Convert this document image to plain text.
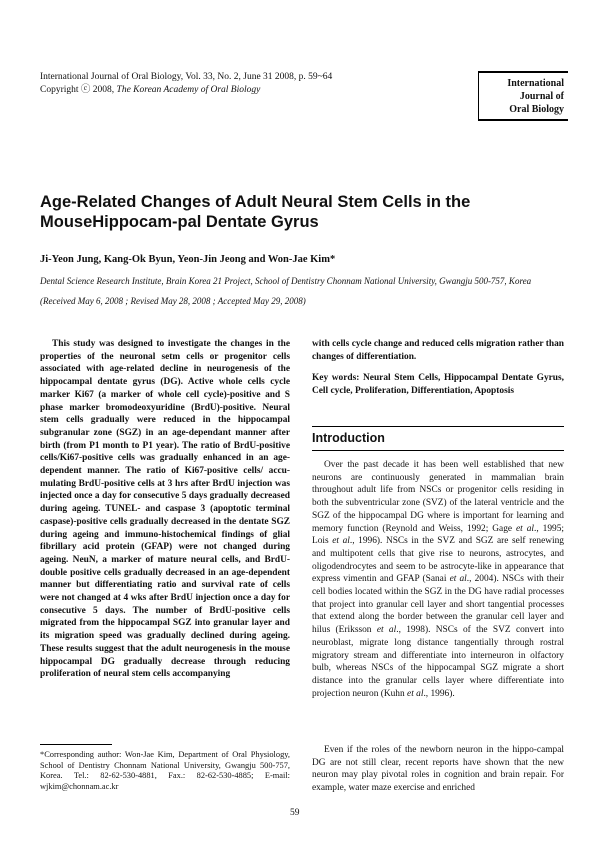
International Journal of Oral Biology, Vol. 33, No. 2, June 31 2008, p. 59~64
Copyright ⓒ 2008, The Korean Academy of Oral Biology
International
Journal of
Oral Biology
Age-Related Changes of Adult Neural Stem Cells in the MouseHippocam-pal Dentate Gyrus
Ji-Yeon Jung, Kang-Ok Byun, Yeon-Jin Jeong and Won-Jae Kim*
Dental Science Research Institute, Brain Korea 21 Project, School of Dentistry Chonnam National University, Gwangju 500-757, Korea
(Received May 6, 2008 ; Revised May 28, 2008 ; Accepted May 29, 2008)
This study was designed to investigate the changes in the properties of the neuronal setm cells or progenitor cells associated with age-related decline in neurogenesis of the hippocampal dentate gyrus (DG). Active whole cells cycle marker Ki67 (a marker of whole cell cycle)-positive and S phase marker bromodeoxyuridine (BrdU)-positive. Neural stem cells gradually were reduced in the hippocampal subgranular zone (SGZ) in an age-dependant manner after birth (from P1 month to P1 year). The ratio of BrdU-positive cells/Ki67-positive cells was gradually enhanced in an age-dependent manner. The ratio of Ki67-positive cells/ accu-mulating BrdU-positive cells at 3 hrs after BrdU injection was injected once a day for consecutive 5 days gradually decreased during ageing. TUNEL- and caspase 3 (apoptotic terminal caspase)-positive cells gradually decreased in the dentate SGZ during ageing and immuno-histochemical findings of glial fibrillary acid protein (GFAP) were not changed during ageing. NeuN, a marker of mature neural cells, and BrdU-double positive cells gradually decreased in an age-dependent manner but differentiating ratio and survival rate of cells were not changed at 4 wks after BrdU injection once a day for consecutive 5 days. The number of BrdU-positive cells migrated from the hippocampal SGZ into granular layer and its migration speed was gradually declined during ageing. These results suggest that the adult neurogenesis in the mouse hippocampal DG gradually decrease through reducing proliferation of neural stem cells accompanying
with cells cycle change and reduced cells migration rather than changes of differentiation.
Key words: Neural Stem Cells, Hippocampal Dentate Gyrus, Cell cycle, Proliferation, Differentiation, Apoptosis
Introduction
Over the past decade it has been well established that new neurons are continuously generated in mammalian brain throughout adult life from NSCs or progenitor cells residing in both the subventricular zone (SVZ) of the lateral ventricle and the SGZ of the hippocampal DG where is important for learning and memory function (Reynold and Weiss, 1992; Gage et al., 1995; Lois et al., 1996). NSCs in the SVZ and SGZ are self renewing and multipotent cells that give rise to neurons, astrocytes, and oligodendrocytes and seem to be astrocyte-like in appearance that express vimentin and GFAP (Sanai et al., 2004). NSCs with their cell bodies located within the SGZ in the DG have radial processes that project into granular cell layer and short tangential processes that extend along the border between the granular cell layer and hilus (Eriksson et al., 1998). NSCs of the SVZ convert into neuroblast, migrate long distance tangentially through rostral migratory stream and differentiate into interneuron in olfactory bulb, whereas NSCs of the hippocampal SGZ migrate a short distance into the granular cells layer where differentiate into projection neuron (Kuhn et al., 1996).
Even if the roles of the newborn neuron in the hippo-campal DG are not still clear, recent reports have shown that the new neuron may play pivotal roles in cognition and brain repair. For example, water maze exercise and enriched
*Corresponding author: Won-Jae Kim, Department of Oral Physiology, School of Dentistry Chonnam National University, Gwangju 500-757, Korea. Tel.: 82-62-530-4881, Fax.: 82-62-530-4885; E-mail: wjkim@chonnam.ac.kr
59
